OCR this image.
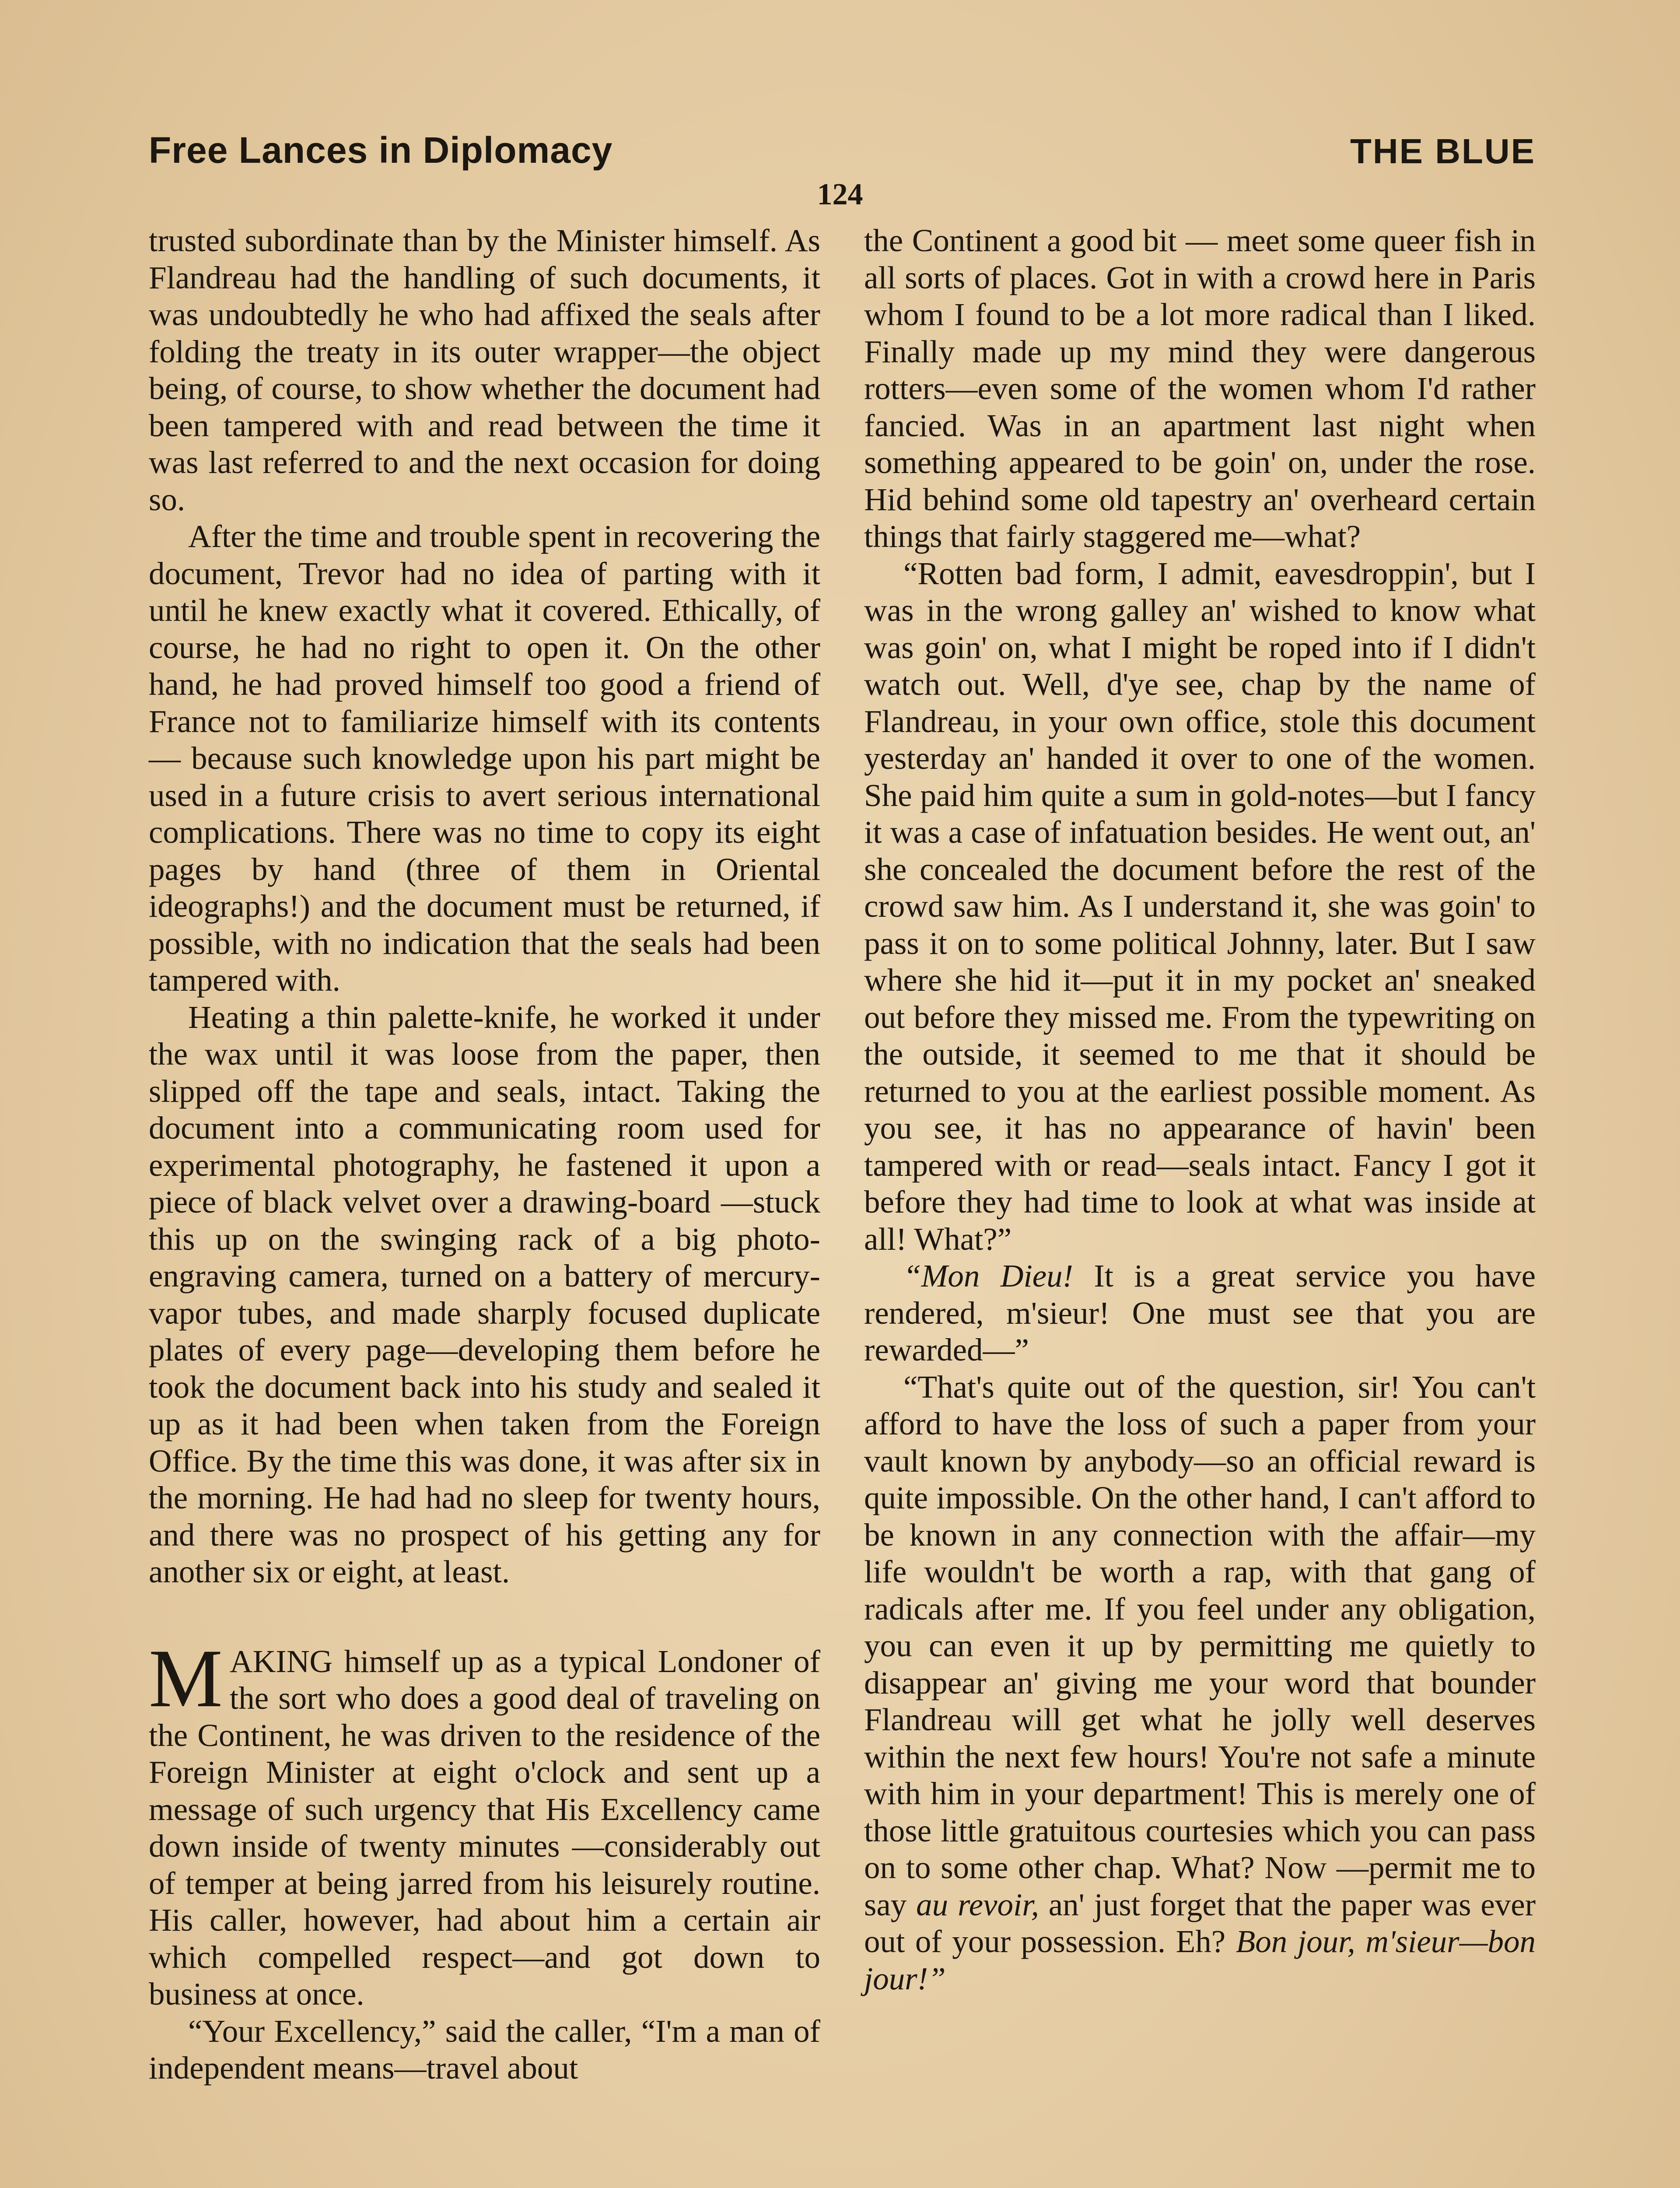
Free Lances in Diplomacy	THE BLUE
124

trusted subordinate than by the Minister himself. As Flandreau had the handling of such documents, it was undoubtedly he who had affixed the seals after folding the treaty in its outer wrapper—the object being, of course, to show whether the document had been tampered with and read between the time it was last referred to and the next occasion for doing so.

After the time and trouble spent in recovering the document, Trevor had no idea of parting with it until he knew exactly what it covered. Ethically, of course, he had no right to open it. On the other hand, he had proved himself too good a friend of France not to familiarize himself with its contents — because such knowledge upon his part might be used in a future crisis to avert serious international complications. There was no time to copy its eight pages by hand (three of them in Oriental ideographs!) and the document must be returned, if possible, with no indication that the seals had been tampered with.

Heating a thin palette-knife, he worked it under the wax until it was loose from the paper, then slipped off the tape and seals, intact. Taking the document into a communicating room used for experimental photography, he fastened it upon a piece of black velvet over a drawing-board —stuck this up on the swinging rack of a big photo-engraving camera, turned on a battery of mercury-vapor tubes, and made sharply focused duplicate plates of every page—developing them before he took the document back into his study and sealed it up as it had been when taken from the Foreign Office. By the time this was done, it was after six in the morning. He had had no sleep for twenty hours, and there was no prospect of his getting any for another six or eight, at least.

MAKING himself up as a typical Londoner of the sort who does a good deal of traveling on the Continent, he was driven to the residence of the Foreign Minister at eight o'clock and sent up a message of such urgency that His Excellency came down inside of twenty minutes —considerably out of temper at being jarred from his leisurely routine. His caller, however, had about him a certain air which compelled respect—and got down to business at once.

“Your Excellency,” said the caller, “I'm a man of independent means—travel about

the Continent a good bit — meet some queer fish in all sorts of places. Got in with a crowd here in Paris whom I found to be a lot more radical than I liked. Finally made up my mind they were dangerous rotters—even some of the women whom I'd rather fancied. Was in an apartment last night when something appeared to be goin' on, under the rose. Hid behind some old tapestry an' overheard certain things that fairly staggered me—what?

“Rotten bad form, I admit, eavesdroppin', but I was in the wrong galley an' wished to know what was goin' on, what I might be roped into if I didn't watch out. Well, d'ye see, chap by the name of Flandreau, in your own office, stole this document yesterday an' handed it over to one of the women. She paid him quite a sum in gold-notes—but I fancy it was a case of infatuation besides. He went out, an' she concealed the document before the rest of the crowd saw him. As I understand it, she was goin' to pass it on to some political Johnny, later. But I saw where she hid it—put it in my pocket an' sneaked out before they missed me. From the typewriting on the outside, it seemed to me that it should be returned to you at the earliest possible moment. As you see, it has no appearance of havin' been tampered with or read—seals intact. Fancy I got it before they had time to look at what was inside at all! What?”

“Mon Dieu! It is a great service you have rendered, m'sieur! One must see that you are rewarded—”

“That's quite out of the question, sir! You can't afford to have the loss of such a paper from your vault known by anybody—so an official reward is quite impossible. On the other hand, I can't afford to be known in any connection with the affair—my life wouldn't be worth a rap, with that gang of radicals after me. If you feel under any obligation, you can even it up by permitting me quietly to disappear an' giving me your word that bounder Flandreau will get what he jolly well deserves within the next few hours! You're not safe a minute with him in your department! This is merely one of those little gratuitous courtesies which you can pass on to some other chap. What? Now —permit me to say au revoir, an' just forget that the paper was ever out of your possession. Eh? Bon jour, m'sieur—bon jour!”
